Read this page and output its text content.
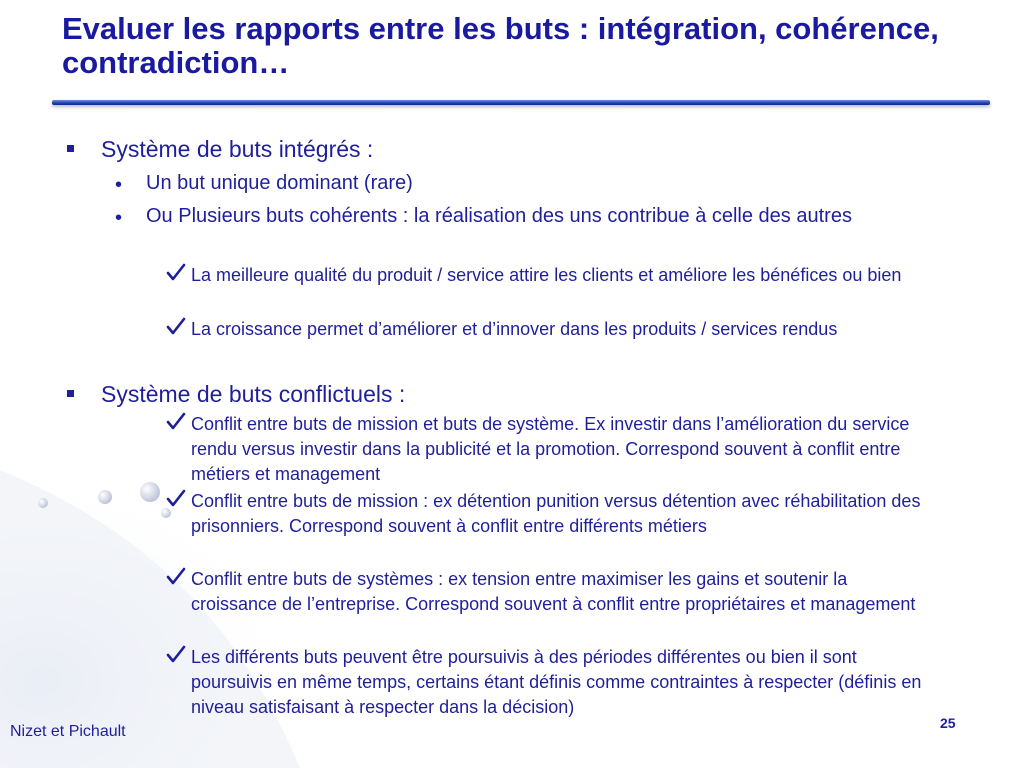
Evaluer les rapports entre les buts : intégration, cohérence, contradiction…

Système de buts intégrés :

• Un but unique dominant (rare)

• Ou Plusieurs buts cohérents : la réalisation des uns contribue à celle des autres

La meilleure qualité du produit / service attire les clients et améliore les bénéfices ou bien

La croissance permet d’améliorer et d’innover dans les produits / services rendus

Système de buts conflictuels :

Conflit entre buts de mission et buts de système. Ex investir dans l’amélioration du service rendu versus investir dans la publicité et la promotion. Correspond souvent à conflit entre métiers et management

Conflit entre buts de mission : ex détention punition versus détention avec réhabilitation des prisonniers. Correspond souvent à conflit entre différents métiers

Conflit entre buts de systèmes : ex tension entre maximiser les gains et soutenir la croissance de l’entreprise. Correspond souvent à conflit entre propriétaires et management

Les différents buts peuvent être poursuivis à des périodes différentes ou bien il sont poursuivis en même temps, certains étant définis comme contraintes à respecter (définis en niveau satisfaisant à respecter dans la décision)

Nizet et Pichault	25
